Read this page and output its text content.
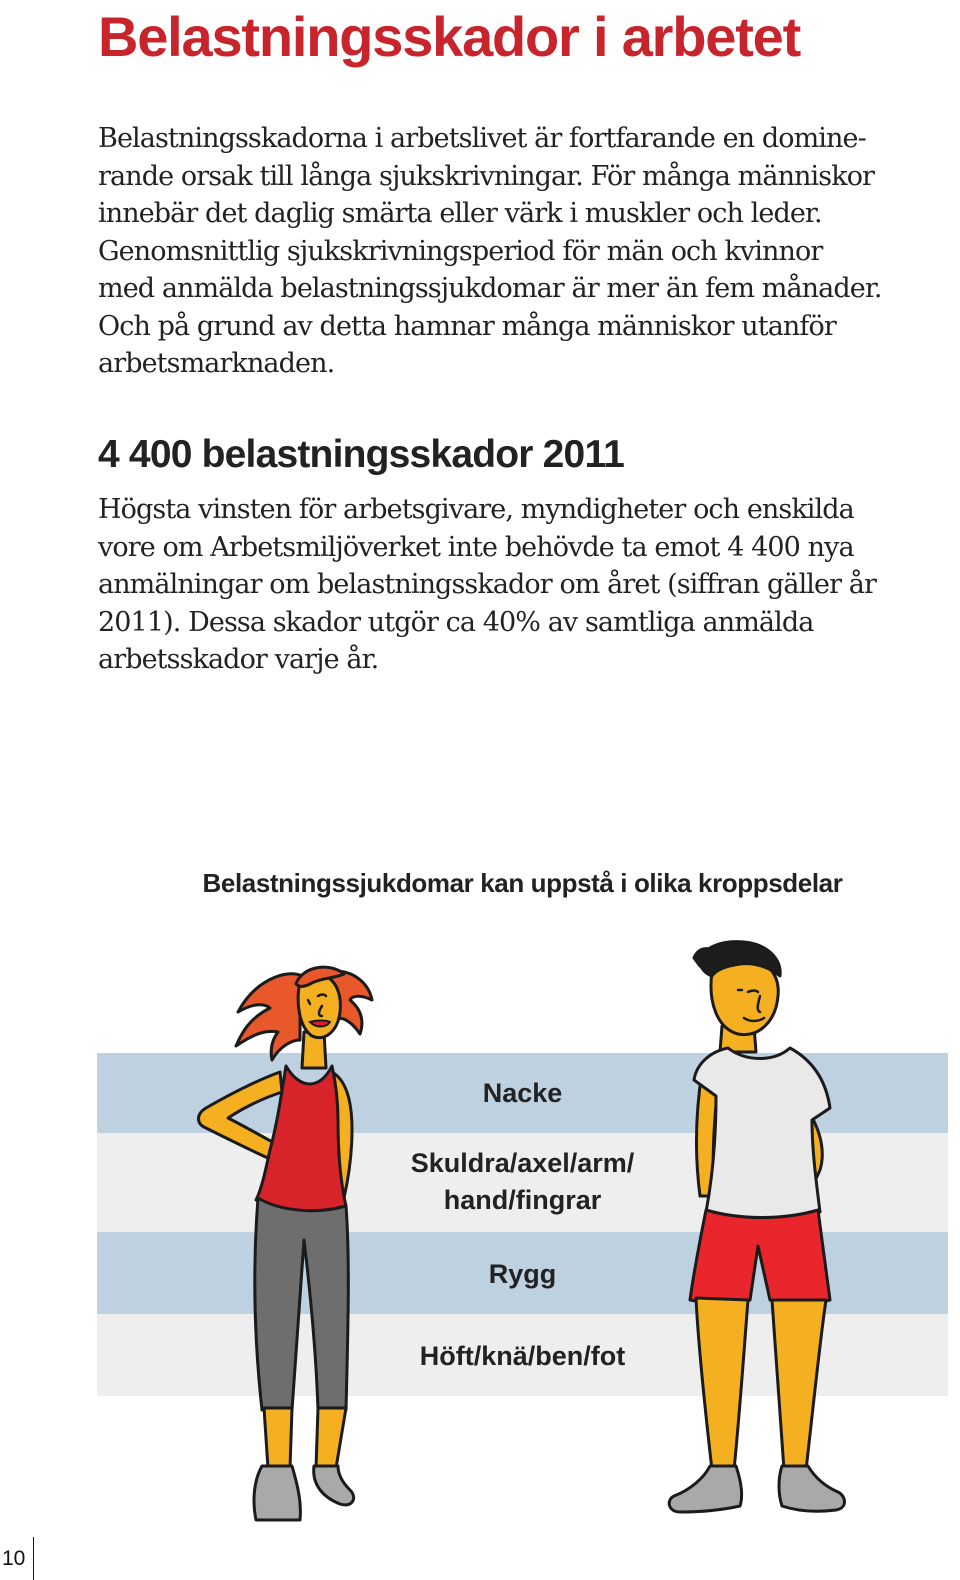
Belastningsskador i arbetet
Belastningsskadorna i arbetslivet är fortfarande en domine-
rande orsak till långa sjukskrivningar. För många människor
innebär det daglig smärta eller värk i muskler och leder.
Genomsnittlig sjukskrivningsperiod för män och kvinnor
med anmälda belastningssjukdomar är mer än fem månader.
Och på grund av detta hamnar många människor utanför
arbetsmarknaden.
4 400 belastningsskador 2011
Högsta vinsten för arbetsgivare, myndigheter och enskilda
vore om Arbetsmiljöverket inte behövde ta emot 4 400 nya
anmälningar om belastningsskador om året (siffran gäller år
2011). Dessa skador utgör ca 40% av samtliga anmälda
arbetsskador varje år.
Belastningssjukdomar kan uppstå i olika kroppsdelar
Nacke
Skuldra/axel/arm/
hand/fingrar
Rygg
Höft/knä/ben/fot
10
